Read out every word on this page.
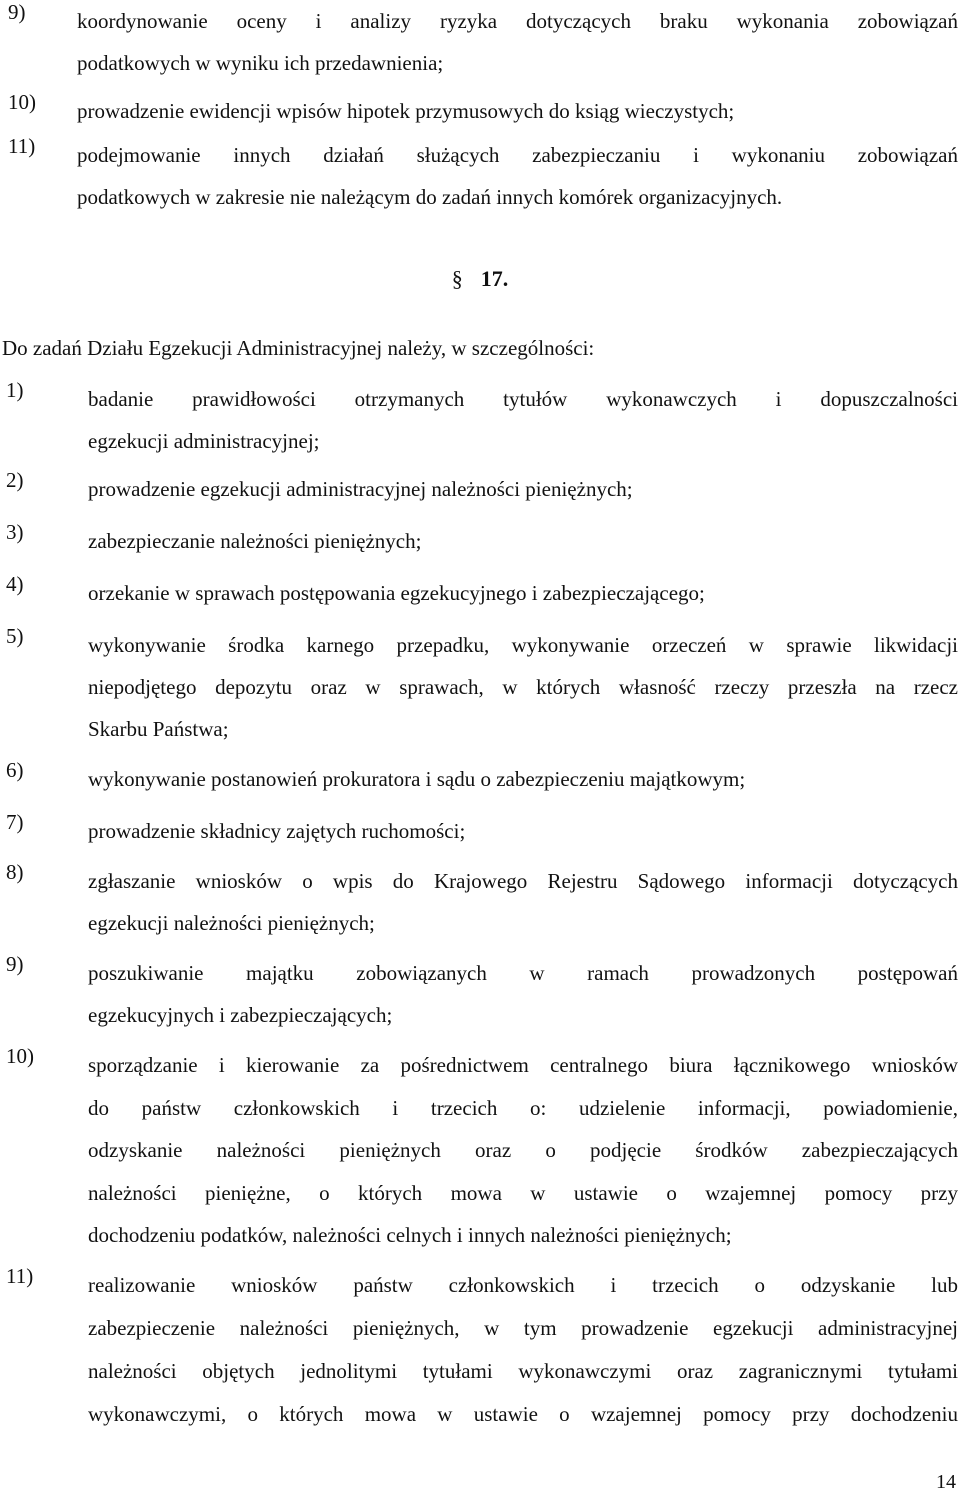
9)	koordynowanie oceny i analizy ryzyka dotyczących braku wykonania zobowiązań
podatkowych w wyniku ich przedawnienia;
10)	prowadzenie ewidencji wpisów hipotek przymusowych do ksiąg wieczystych;
11)	podejmowanie innych działań służących zabezpieczaniu i wykonaniu zobowiązań
podatkowych w zakresie nie należącym do zadań innych komórek organizacyjnych.
§ 17.
Do zadań Działu Egzekucji Administracyjnej należy, w szczególności:
1)	badanie prawidłowości otrzymanych tytułów wykonawczych i dopuszczalności
egzekucji administracyjnej;
2)	prowadzenie egzekucji administracyjnej należności pieniężnych;
3)	zabezpieczanie należności pieniężnych;
4)	orzekanie w sprawach postępowania egzekucyjnego i zabezpieczającego;
5)	wykonywanie środka karnego przepadku, wykonywanie orzeczeń w sprawie likwidacji
niepodjętego depozytu oraz w sprawach, w których własność rzeczy przeszła na rzecz
Skarbu Państwa;
6)	wykonywanie postanowień prokuratora i sądu o zabezpieczeniu majątkowym;
7)	prowadzenie składnicy zajętych ruchomości;
8)	zgłaszanie wniosków o wpis do Krajowego Rejestru Sądowego informacji dotyczących
egzekucji należności pieniężnych;
9)	poszukiwanie majątku zobowiązanych w ramach prowadzonych postępowań
egzekucyjnych i zabezpieczających;
10)	sporządzanie i kierowanie za pośrednictwem centralnego biura łącznikowego wniosków
do państw członkowskich i trzecich o: udzielenie informacji, powiadomienie,
odzyskanie należności pieniężnych oraz o podjęcie środków zabezpieczających
należności pieniężne, o których mowa w ustawie o wzajemnej pomocy przy
dochodzeniu podatków, należności celnych i innych należności pieniężnych;
11)	realizowanie wniosków państw członkowskich i trzecich o odzyskanie lub
zabezpieczenie należności pieniężnych, w tym prowadzenie egzekucji administracyjnej
należności objętych jednolitymi tytułami wykonawczymi oraz zagranicznymi tytułami
wykonawczymi, o których mowa w ustawie o wzajemnej pomocy przy dochodzeniu
14
